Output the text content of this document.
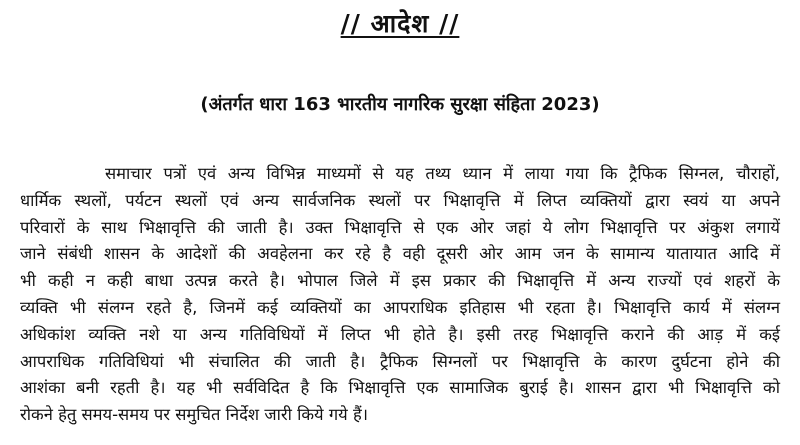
// आदेश //
(अंतर्गत धारा 163 भारतीय नागरिक सुरक्षा संहिता 2023)
समाचार पत्रों एवं अन्य विभिन्न माध्यमों से यह तथ्य ध्यान में लाया गया कि ट्रैफिक सिग्नल, चौराहों,
धार्मिक स्थलों, पर्यटन स्थलों एवं अन्य सार्वजनिक स्थलों पर भिक्षावृत्ति में लिप्त व्यक्तियों द्वारा स्वयं या अपने
परिवारों के साथ भिक्षावृत्ति की जाती है। उक्त भिक्षावृत्ति से एक ओर जहां ये लोग भिक्षावृत्ति पर अंकुश लगायें
जाने संबंधी शासन के आदेशों की अवहेलना कर रहे है वही दूसरी ओर आम जन के सामान्य यातायात आदि में
भी कही न कही बाधा उत्पन्न करते है। भोपाल जिले में इस प्रकार की भिक्षावृत्ति में अन्य राज्यों एवं शहरों के
व्यक्ति भी संलग्न रहते है, जिनमें कई व्यक्तियों का आपराधिक इतिहास भी रहता है। भिक्षावृत्ति कार्य में संलग्न
अधिकांश व्यक्ति नशे या अन्य गतिविधियों में लिप्त भी होते है। इसी तरह भिक्षावृत्ति कराने की आड़ में कई
आपराधिक गतिविधियां भी संचालित की जाती है। ट्रैफिक सिग्नलों पर भिक्षावृत्ति के कारण दुर्घटना होने की
आशंका बनी रहती है। यह भी सर्वविदित है कि भिक्षावृत्ति एक सामाजिक बुराई है। शासन द्वारा भी भिक्षावृत्ति को
रोकने हेतु समय-समय पर समुचित निर्देश जारी किये गये हैं।
